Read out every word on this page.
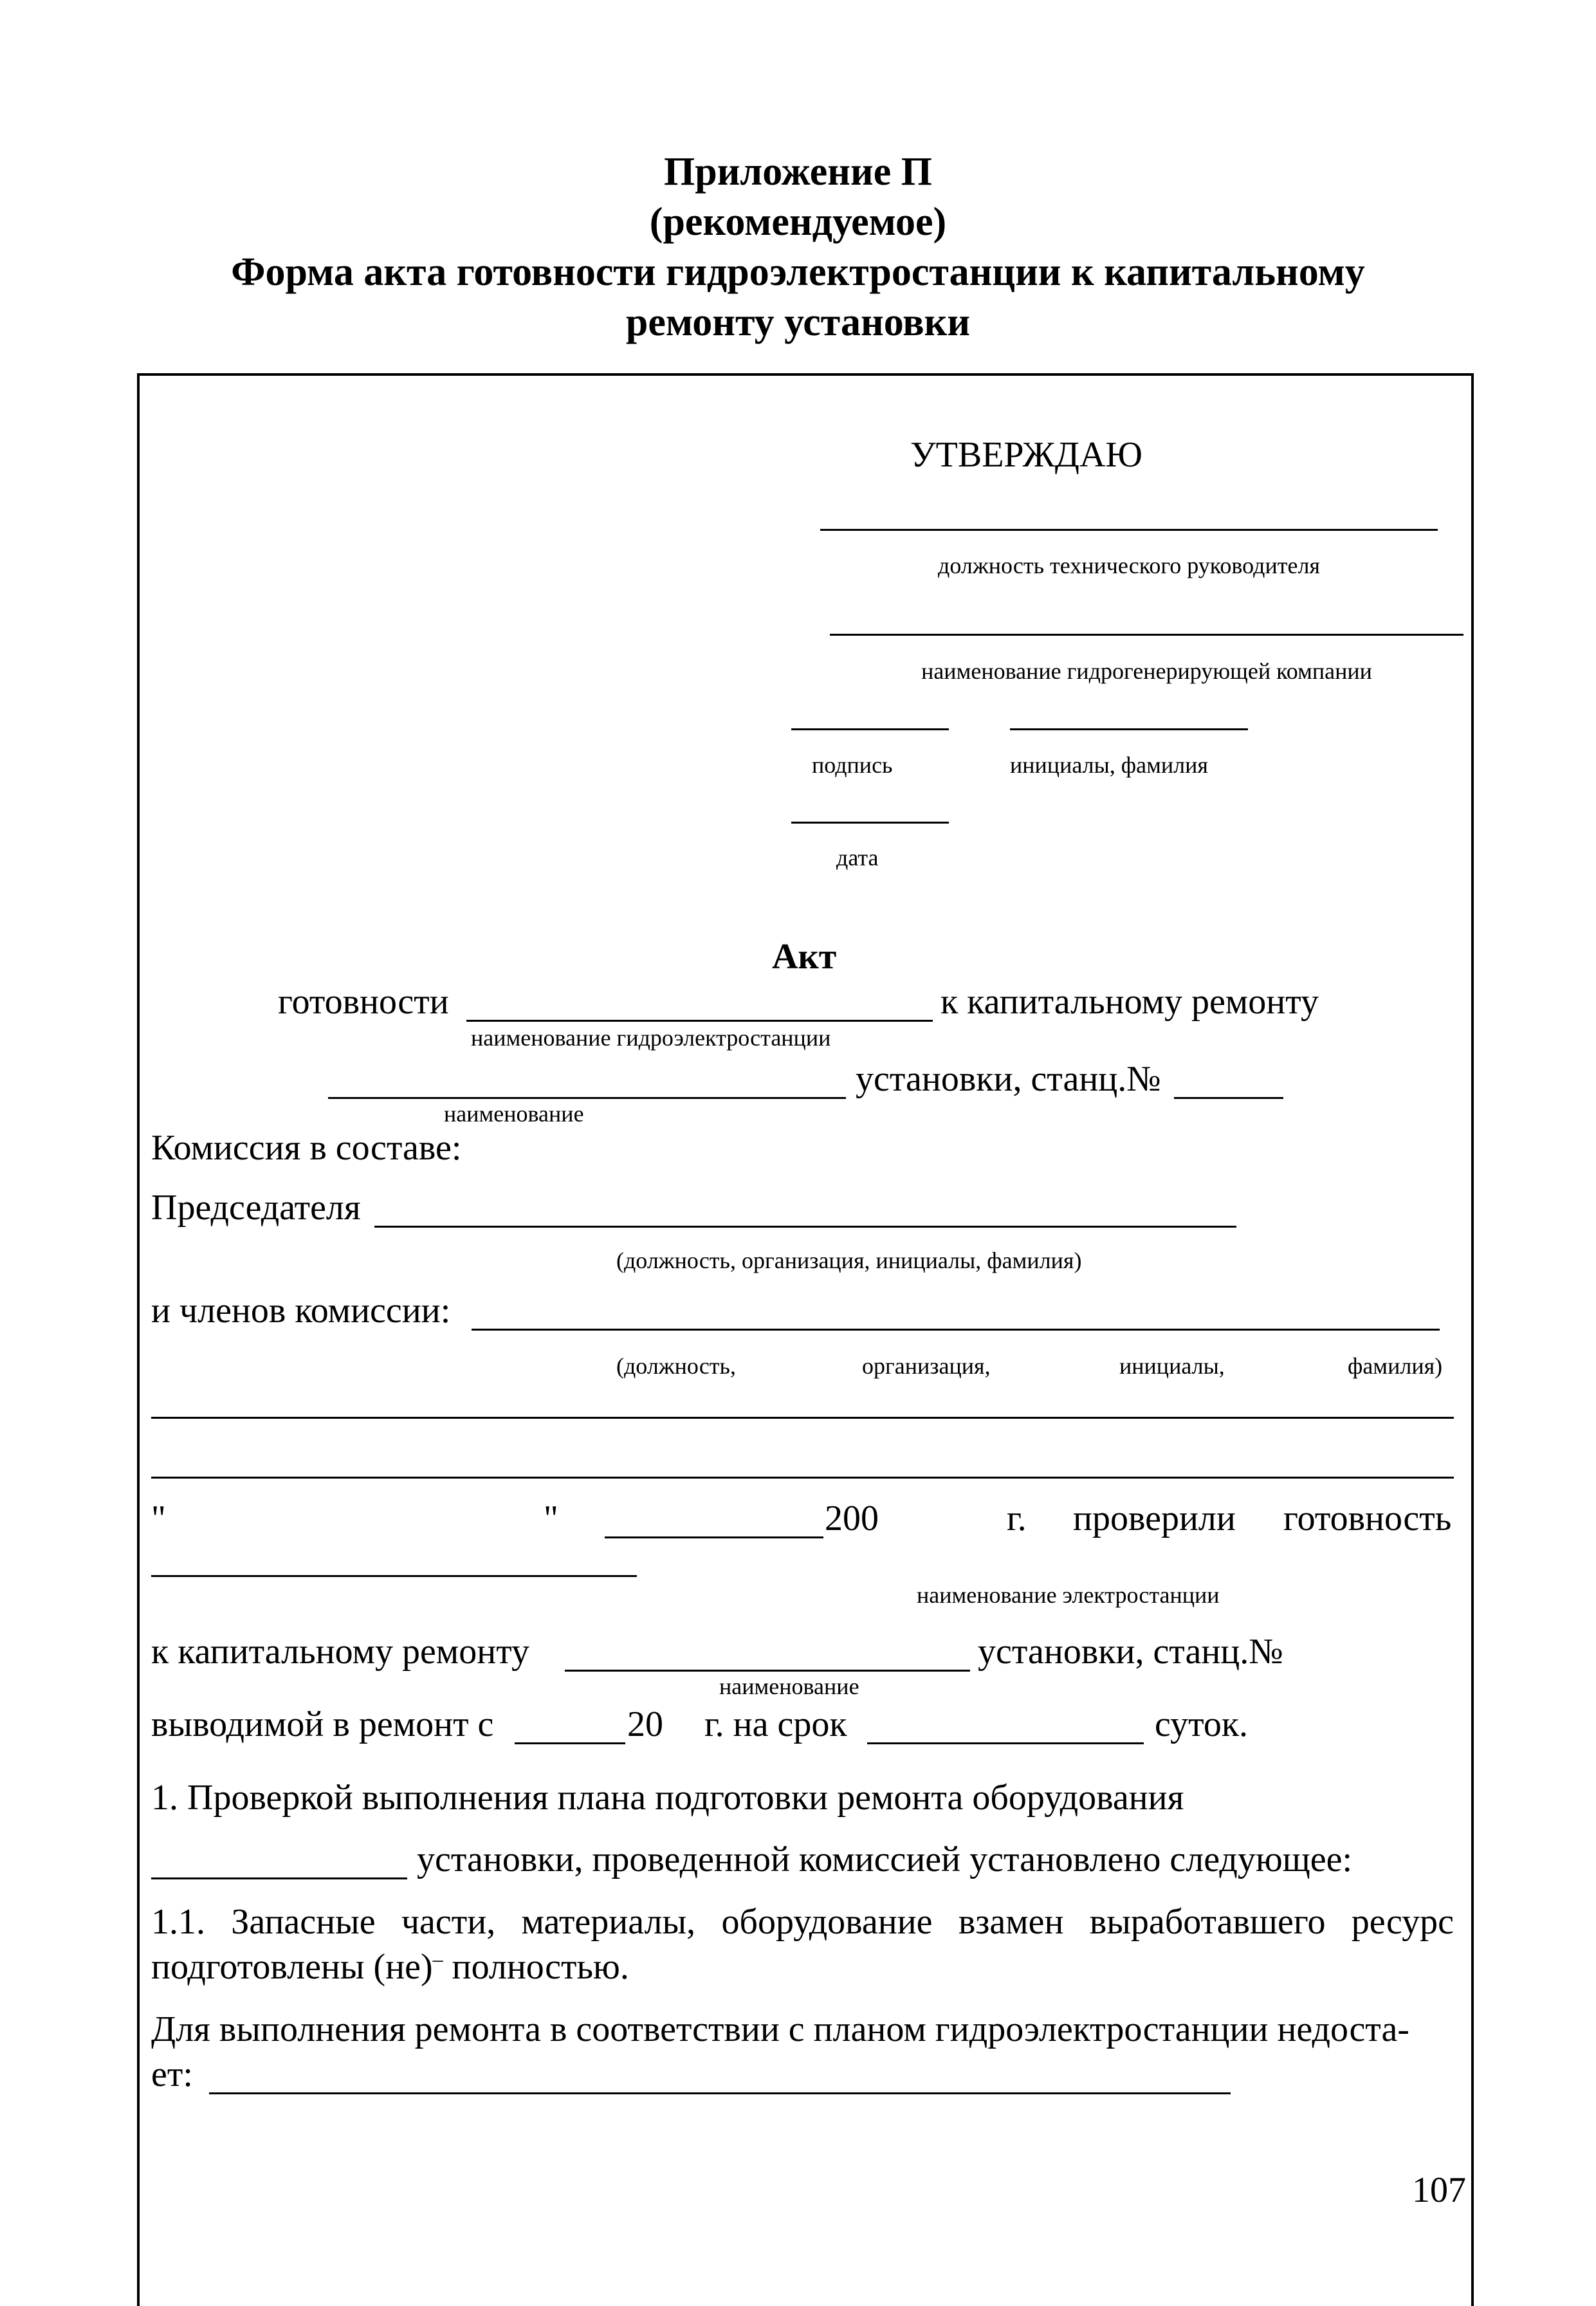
Приложение П
(рекомендуемое)
Форма акта готовности гидроэлектростанции к капитальному
ремонту установки
УТВЕРЖДАЮ
должность технического руководителя
наименование гидрогенерирующей компании
подпись	инициалы, фамилия
дата
Акт
готовности	к капитальному ремонту
наименование гидроэлектростанции
установки, станц.№
наименование
Комиссия в составе:
Председателя
(должность, организация, инициалы, фамилия)
и членов комиссии:
(должность,	организация,	инициалы,	фамилия)
"	"	200	г. проверили готовность
наименование электростанции
к капитальному ремонту	установки, станц.№
наименование
выводимой в ремонт с	20 г. на срок	суток.
1. Проверкой выполнения плана подготовки ремонта оборудования
установки, проведенной комиссией установлено следующее:
1.1. Запасные части, материалы, оборудование взамен выработавшего ресурс
подготовлены (не)– полностью.
Для выполнения ремонта в соответствии с планом гидроэлектростанции недоста-
ет:
107
